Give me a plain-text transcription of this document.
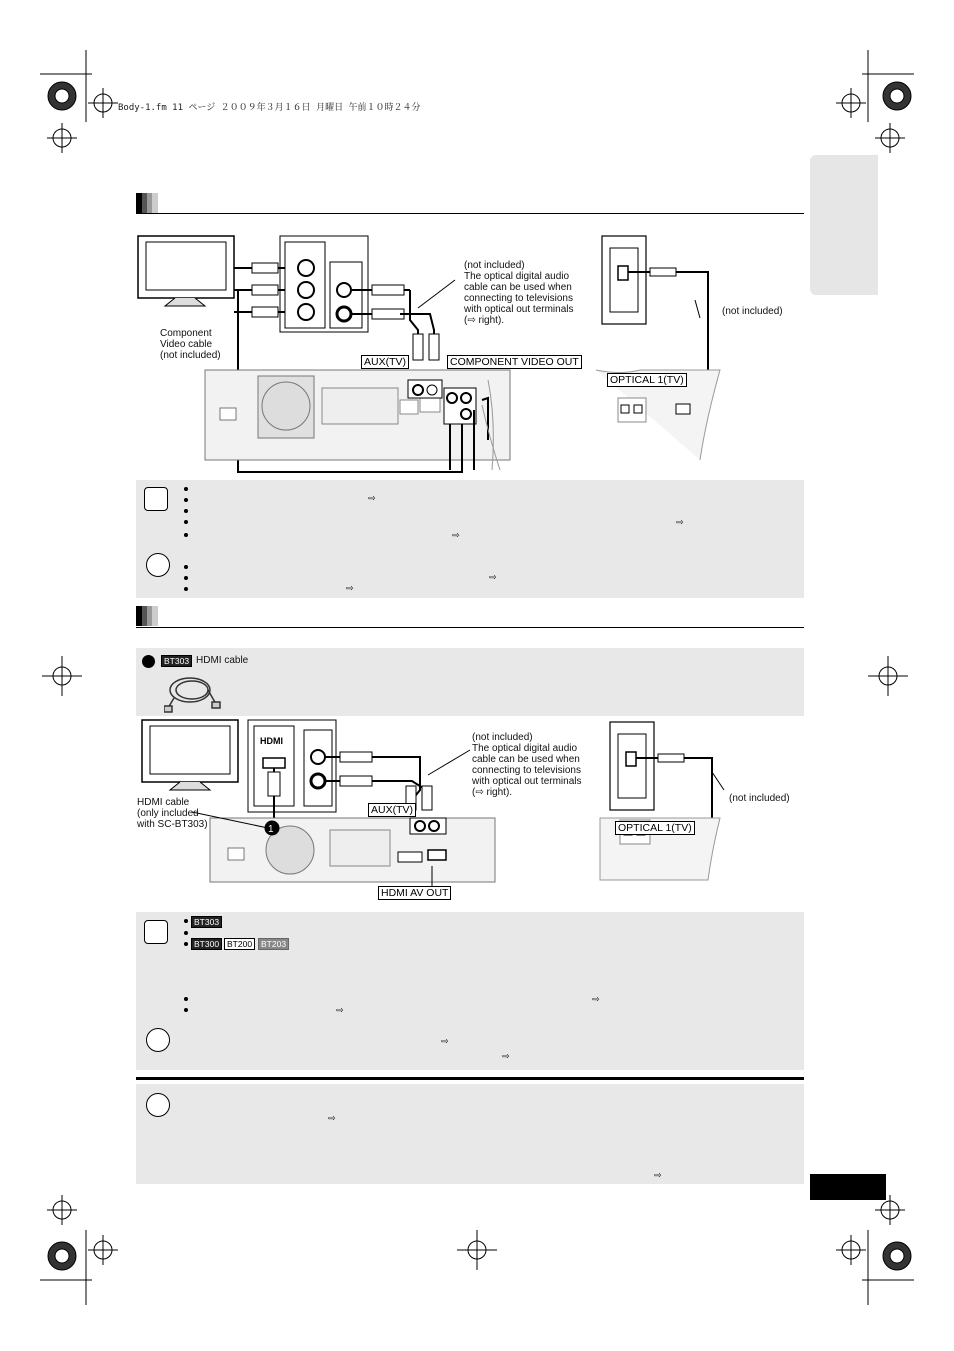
Body-1.fm 11 ページ ２００９年３月１６日 月曜日 午前１０時２４分
Component
Video cable
(not included)
(not included)
The optical digital audio
cable can be used when
connecting to televisions
with optical out terminals
(⇨ right).
(not included)
AUX(TV)	COMPONENT VIDEO OUT
OPTICAL 1(TV)
⇨
⇨
⇨
⇨
⇨
BT303 HDMI cable
HDMI
1
HDMI cable
(only included
with SC-BT303)
(not included)
The optical digital audio
cable can be used when
connecting to televisions
with optical out terminals
(⇨ right).
(not included)
AUX(TV)
HDMI AV OUT
OPTICAL 1(TV)
BT303
BT300 BT200	BT203
⇨
⇨
⇨
⇨
⇨
⇨
